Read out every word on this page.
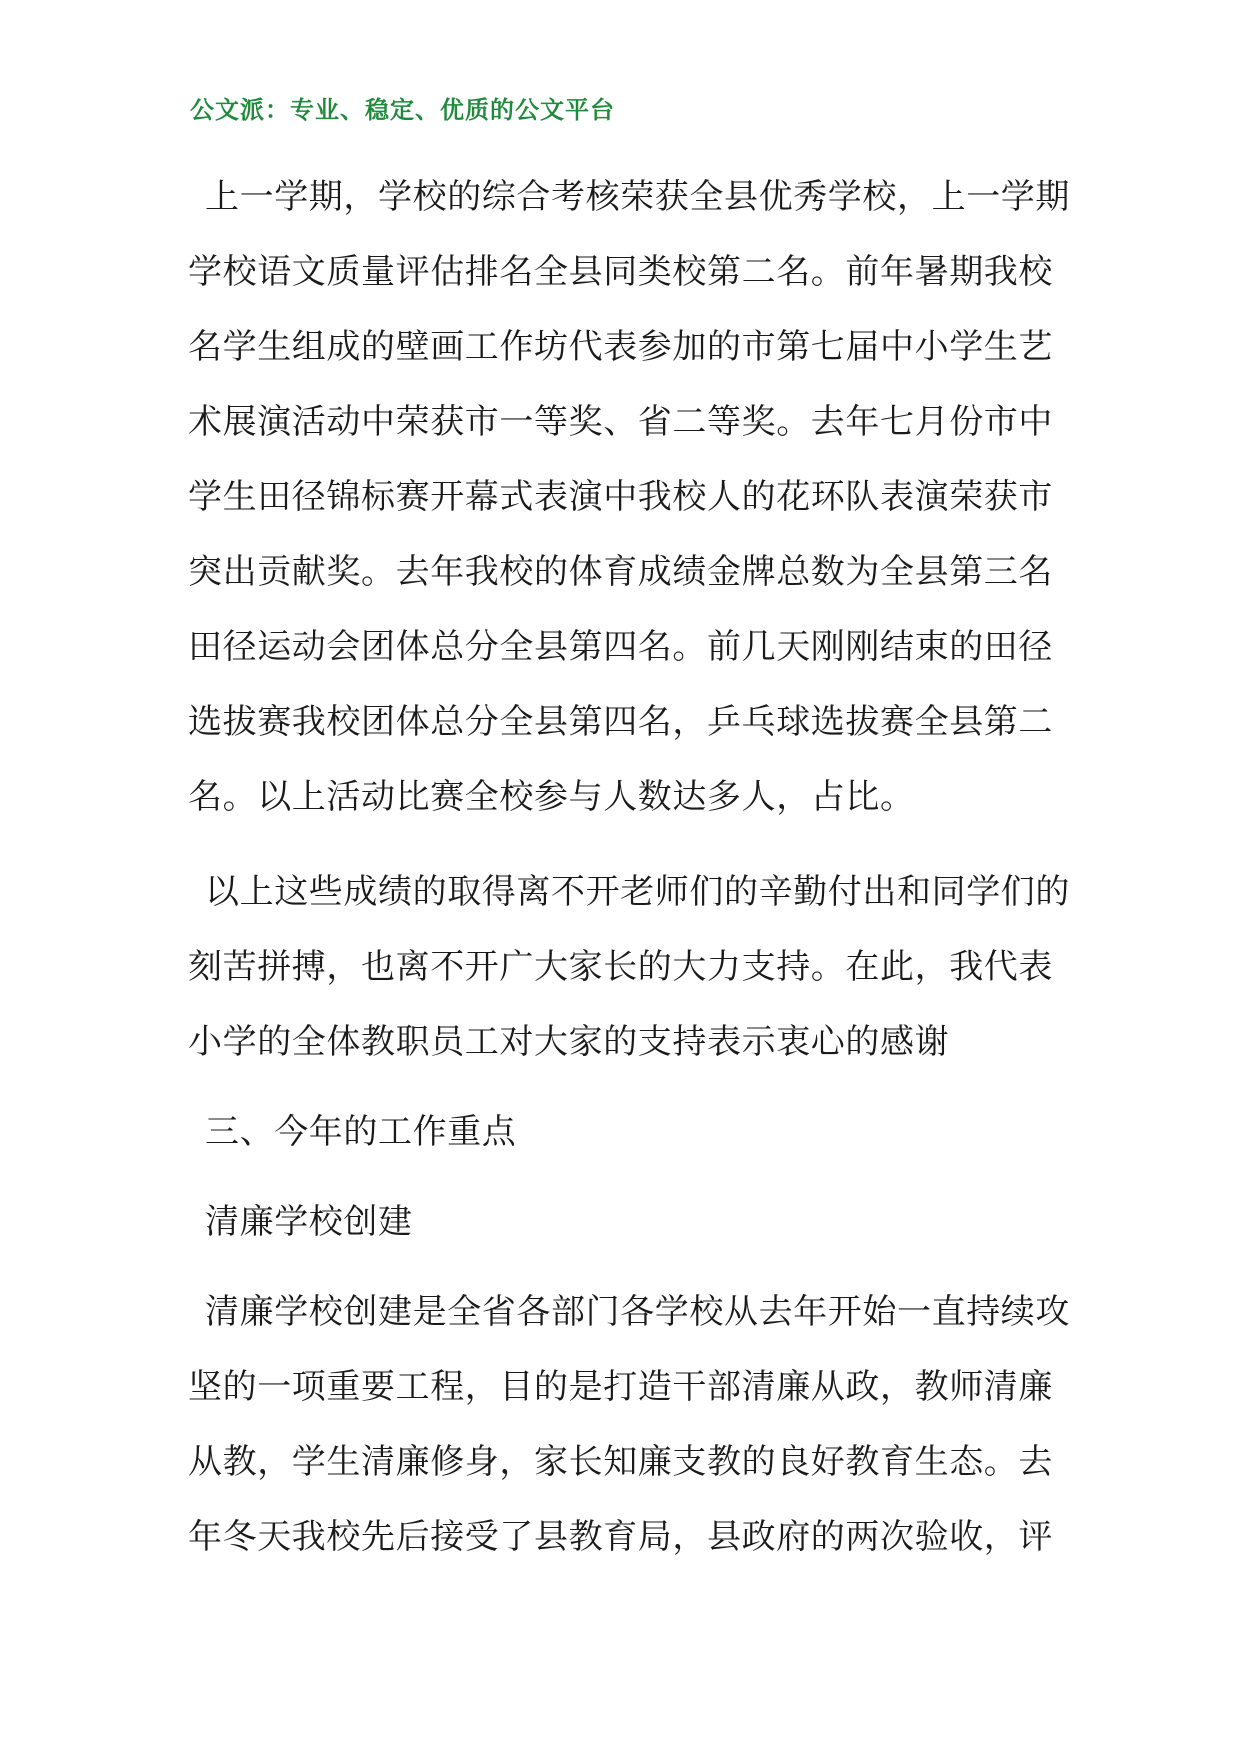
公文派：专业、稳定、优质的公文平台
上一学期，学校的综合考核荣获全县优秀学校，上一学期
学校语文质量评估排名全县同类校第二名。前年暑期我校
名学生组成的壁画工作坊代表参加的市第七届中小学生艺
术展演活动中荣获市一等奖、省二等奖。去年七月份市中
学生田径锦标赛开幕式表演中我校人的花环队表演荣获市
突出贡献奖。去年我校的体育成绩金牌总数为全县第三名
田径运动会团体总分全县第四名。前几天刚刚结束的田径
选拔赛我校团体总分全县第四名，乒乓球选拔赛全县第二
名。以上活动比赛全校参与人数达多人，占比。
以上这些成绩的取得离不开老师们的辛勤付出和同学们的
刻苦拼搏，也离不开广大家长的大力支持。在此，我代表
小学的全体教职员工对大家的支持表示衷心的感谢
三、今年的工作重点
清廉学校创建
清廉学校创建是全省各部门各学校从去年开始一直持续攻
坚的一项重要工程，目的是打造干部清廉从政，教师清廉
从教，学生清廉修身，家长知廉支教的良好教育生态。去
年冬天我校先后接受了县教育局，县政府的两次验收，评
